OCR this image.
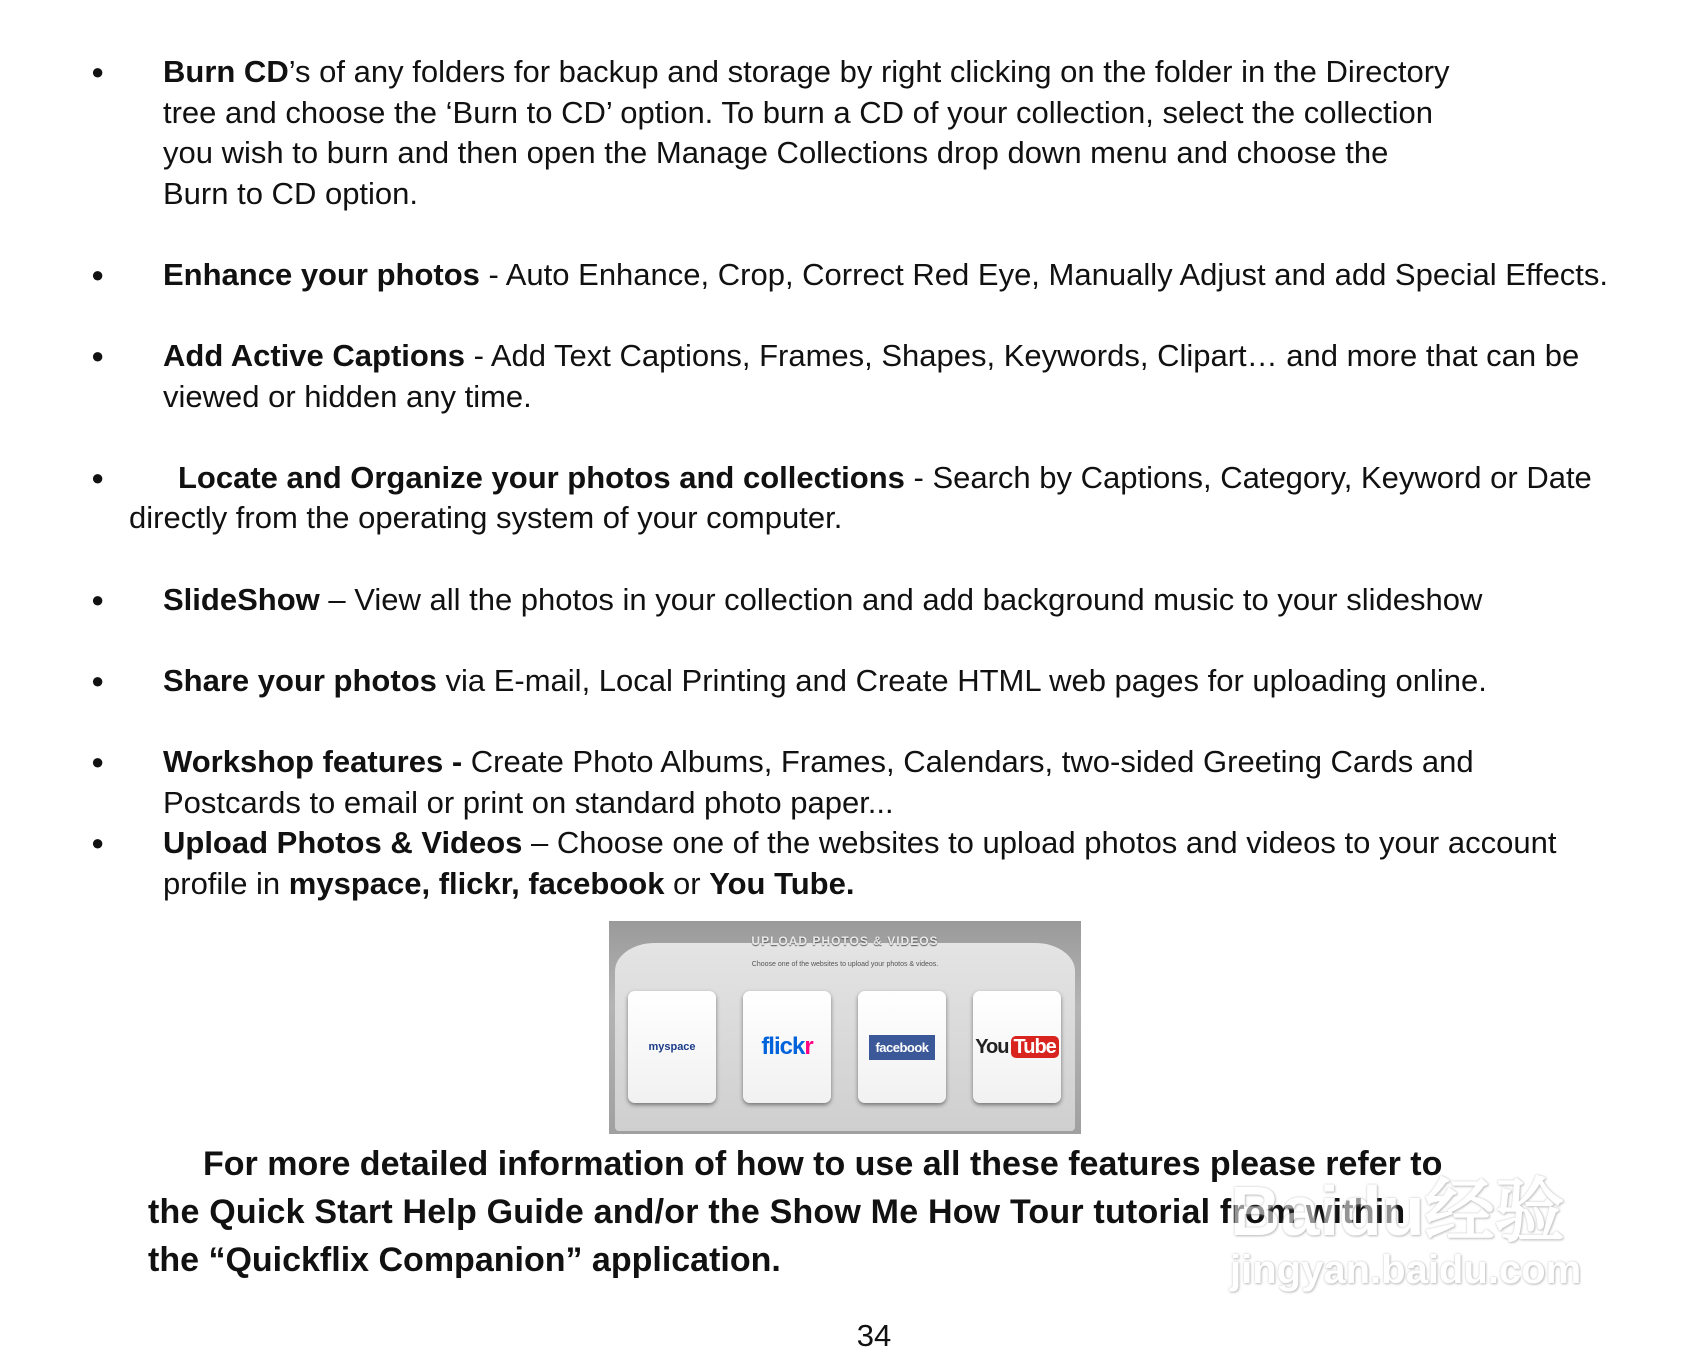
● Burn CD’s of any folders for backup and storage by right clicking on the folder in the Directory
tree and choose the ‘Burn to CD’ option. To burn a CD of your collection, select the collection
you wish to burn and then open the Manage Collections drop down menu and choose the
Burn to CD option.
● Enhance your photos - Auto Enhance, Crop, Correct Red Eye, Manually Adjust and add Special Effects.
● Add Active Captions - Add Text Captions, Frames, Shapes, Keywords, Clipart… and more that can be
viewed or hidden any time.
● Locate and Organize your photos and collections - Search by Captions, Category, Keyword or Date
directly from the operating system of your computer.
● SlideShow – View all the photos in your collection and add background music to your slideshow
● Share your photos via E-mail, Local Printing and Create HTML web pages for uploading online.
● Workshop features - Create Photo Albums, Frames, Calendars, two-sided Greeting Cards and
Postcards to email or print on standard photo paper...
● Upload Photos & Videos – Choose one of the websites to upload photos and videos to your account
profile in myspace, flickr, facebook or You Tube.
UPLOAD PHOTOS & VIDEOS
Choose one of the websites to upload your photos & videos.
myspace	flickr	facebook	You Tube
For more detailed information of how to use all these features please refer to
the Quick Start Help Guide and/or the Show Me How Tour tutorial from within
the “Quickflix Companion” application.
Baidu经验
jingyan.baidu.com
34
